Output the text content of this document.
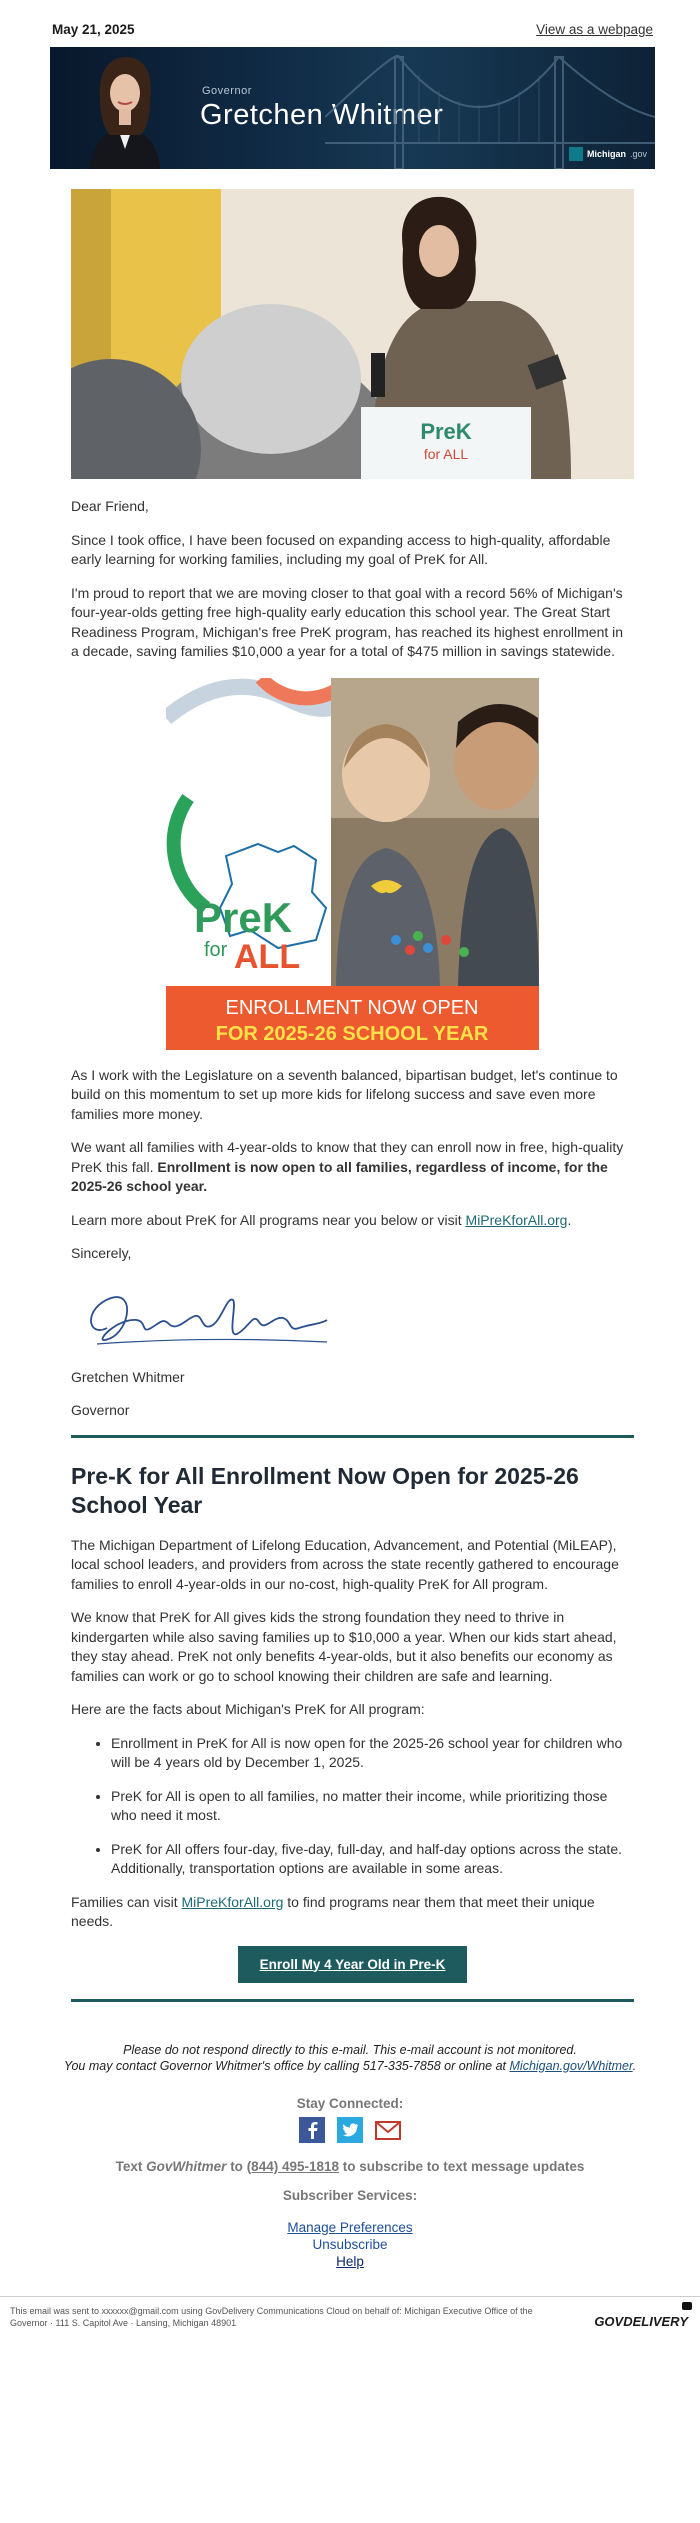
May 21, 2025	View as a webpage
Governor
Gretchen Whitmer
Michigan .gov
PreK
for ALL

Dear Friend,

Since I took office, I have been focused on expanding access to high-quality, affordable early learning for working families, including my goal of PreK for All.

I'm proud to report that we are moving closer to that goal with a record 56% of Michigan's four-year-olds getting free high-quality early education this school year. The Great Start Readiness Program, Michigan's free PreK program, has reached its highest enrollment in a decade, saving families $10,000 a year for a total of $475 million in savings statewide.

PreK
for ALL
ENROLLMENT NOW OPEN
FOR 2025-26 SCHOOL YEAR

As I work with the Legislature on a seventh balanced, bipartisan budget, let's continue to build on this momentum to set up more kids for lifelong success and save even more families more money.

We want all families with 4-year-olds to know that they can enroll now in free, high-quality PreK this fall. Enrollment is now open to all families, regardless of income, for the 2025-26 school year.

Learn more about PreK for All programs near you below or visit MiPreKforAll.org.

Sincerely,

Gretchen Whitmer

Gretchen Whitmer

Governor

Pre-K for All Enrollment Now Open for 2025-26 School Year

The Michigan Department of Lifelong Education, Advancement, and Potential (MiLEAP), local school leaders, and providers from across the state recently gathered to encourage families to enroll 4-year-olds in our no-cost, high-quality PreK for All program.

We know that PreK for All gives kids the strong foundation they need to thrive in kindergarten while also saving families up to $10,000 a year. When our kids start ahead, they stay ahead. PreK not only benefits 4-year-olds, but it also benefits our economy as families can work or go to school knowing their children are safe and learning.

Here are the facts about Michigan's PreK for All program:

• Enrollment in PreK for All is now open for the 2025-26 school year for children who will be 4 years old by December 1, 2025.
• PreK for All is open to all families, no matter their income, while prioritizing those who need it most.
• PreK for All offers four-day, five-day, full-day, and half-day options across the state. Additionally, transportation options are available in some areas.

Families can visit MiPreKforAll.org to find programs near them that meet their unique needs.

Enroll My 4 Year Old in Pre-K
Please do not respond directly to this e-mail. This e-mail account is not monitored.
You may contact Governor Whitmer's office by calling 517-335-7858 or online at Michigan.gov/Whitmer.
Stay Connected:
Text GovWhitmer to (844) 495-1818 to subscribe to text message updates
Subscriber Services:
Manage Preferences
Unsubscribe
Help
This email was sent to xxxxxx@gmail.com using GovDelivery Communications Cloud on behalf of: Michigan Executive Office of the Governor · 111 S. Capitol Ave · Lansing, Michigan 48901	GOVDELIVERY
